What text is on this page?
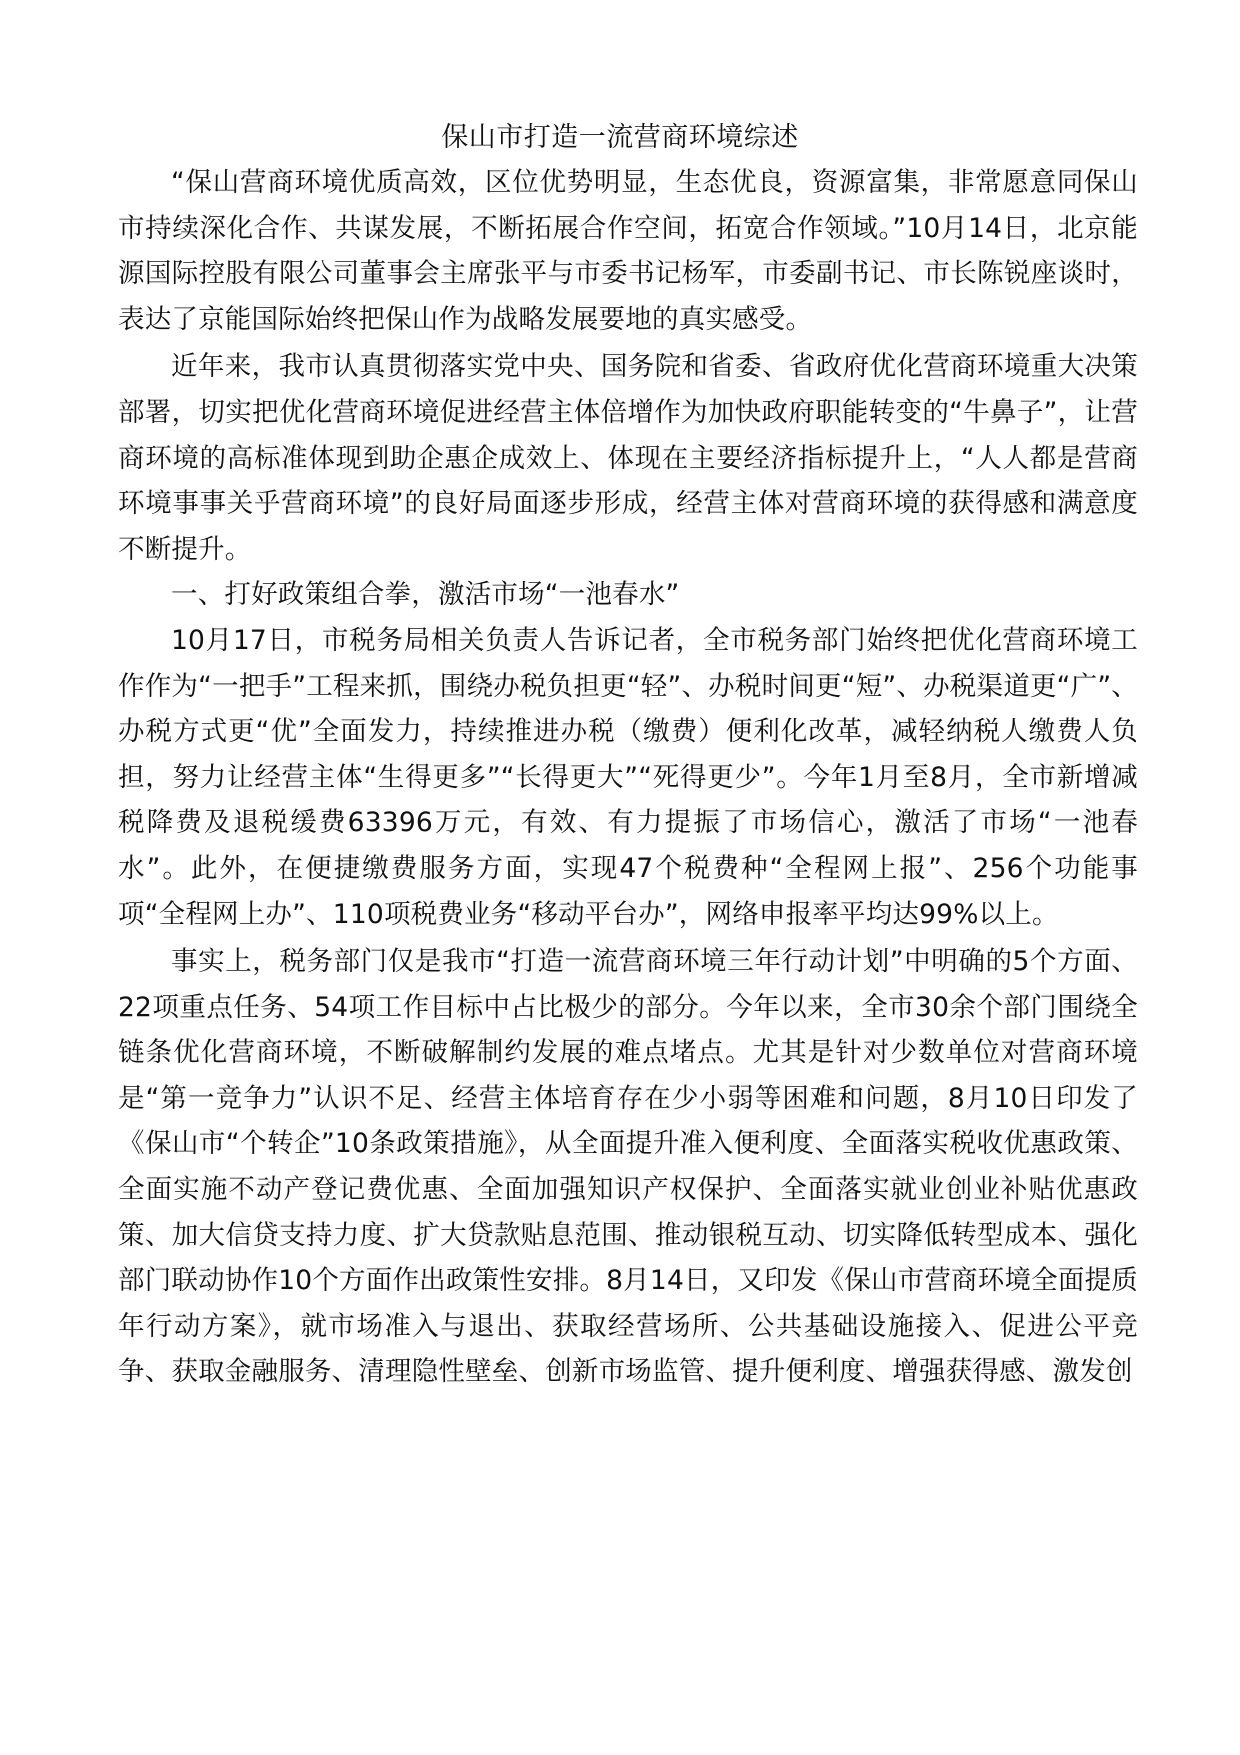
保山市打造一流营商环境综述

“保山营商环境优质高效，区位优势明显，生态优良，资源富集，非常愿意同保山市持续深化合作、共谋发展，不断拓展合作空间，拓宽合作领域。”10月14日，北京能源国际控股有限公司董事会主席张平与市委书记杨军，市委副书记、市长陈锐座谈时，表达了京能国际始终把保山作为战略发展要地的真实感受。

近年来，我市认真贯彻落实党中央、国务院和省委、省政府优化营商环境重大决策部署，切实把优化营商环境促进经营主体倍增作为加快政府职能转变的“牛鼻子”，让营商环境的高标准体现到助企惠企成效上、体现在主要经济指标提升上，“人人都是营商环境事事关乎营商环境”的良好局面逐步形成，经营主体对营商环境的获得感和满意度不断提升。

一、打好政策组合拳，激活市场“一池春水”

10月17日，市税务局相关负责人告诉记者，全市税务部门始终把优化营商环境工作作为“一把手”工程来抓，围绕办税负担更“轻”、办税时间更“短”、办税渠道更“广”、办税方式更“优”全面发力，持续推进办税（缴费）便利化改革，减轻纳税人缴费人负担，努力让经营主体“生得更多”“长得更大”“死得更少”。今年1月至8月，全市新增减税降费及退税缓费63396万元，有效、有力提振了市场信心，激活了市场“一池春水”。此外，在便捷缴费服务方面，实现47个税费种“全程网上报”、256个功能事项“全程网上办”、110项税费业务“移动平台办”，网络申报率平均达99%以上。

事实上，税务部门仅是我市“打造一流营商环境三年行动计划”中明确的5个方面、22项重点任务、54项工作目标中占比极少的部分。今年以来，全市30余个部门围绕全链条优化营商环境，不断破解制约发展的难点堵点。尤其是针对少数单位对营商环境是“第一竞争力”认识不足、经营主体培育存在少小弱等困难和问题，8月10日印发了《保山市“个转企”10条政策措施》，从全面提升准入便利度、全面落实税收优惠政策、全面实施不动产登记费优惠、全面加强知识产权保护、全面落实就业创业补贴优惠政策、加大信贷支持力度、扩大贷款贴息范围、推动银税互动、切实降低转型成本、强化部门联动协作10个方面作出政策性安排。8月14日，又印发《保山市营商环境全面提质年行动方案》，就市场准入与退出、获取经营场所、公共基础设施接入、促进公平竞争、获取金融服务、清理隐性壁垒、创新市场监管、提升便利度、增强获得感、激发创
